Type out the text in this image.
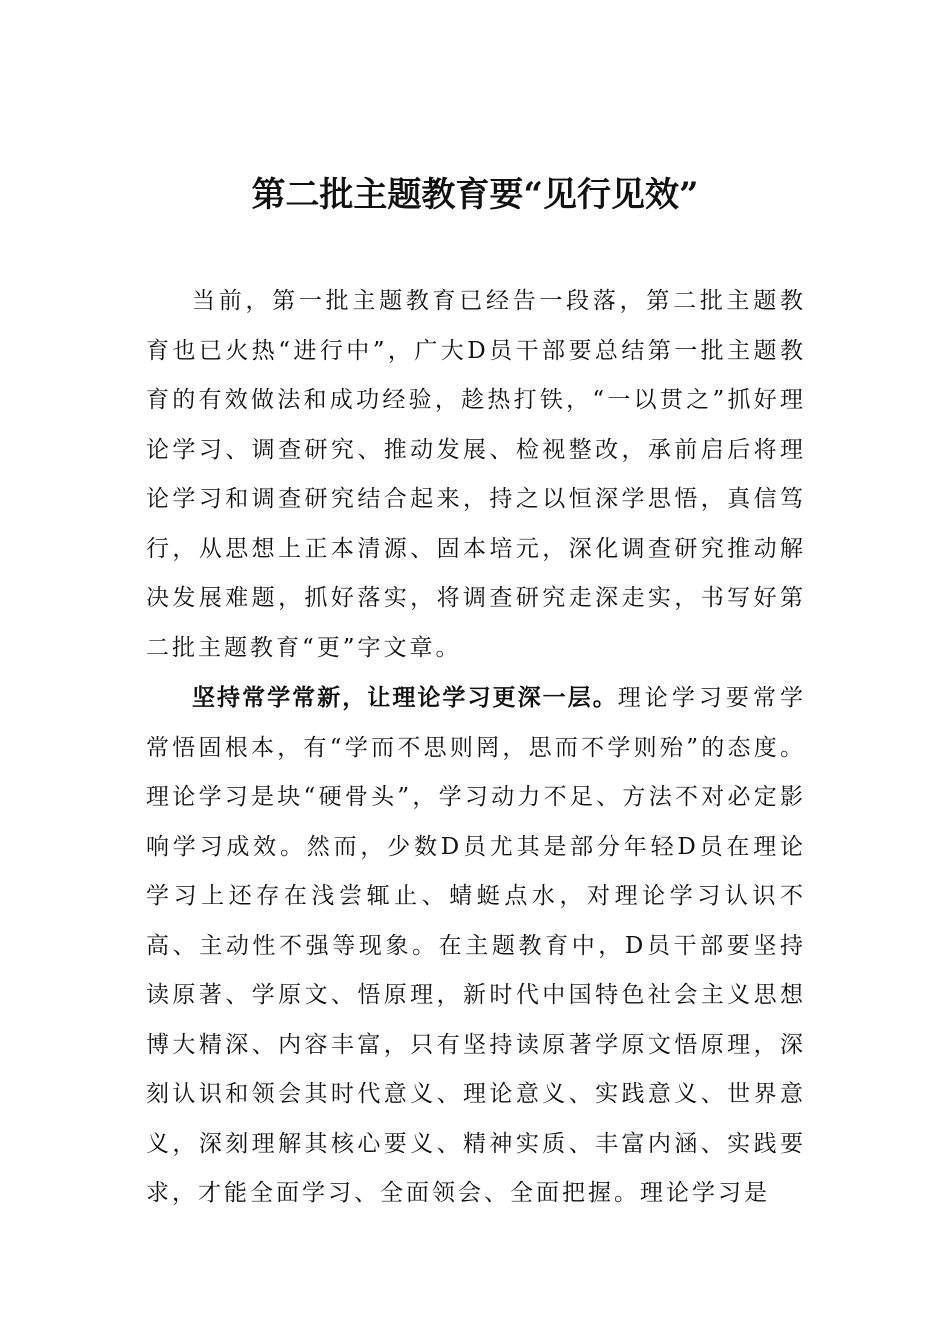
第二批主题教育要“见行见效”

当前，第一批主题教育已经告一段落，第二批主题教育也已火热“进行中”，广大D员干部要总结第一批主题教育的有效做法和成功经验，趁热打铁，“一以贯之”抓好理论学习、调查研究、推动发展、检视整改，承前启后将理论学习和调查研究结合起来，持之以恒深学思悟，真信笃行，从思想上正本清源、固本培元，深化调查研究推动解决发展难题，抓好落实，将调查研究走深走实，书写好第二批主题教育“更”字文章。

坚持常学常新，让理论学习更深一层。理论学习要常学常悟固根本，有“学而不思则罔，思而不学则殆”的态度。理论学习是块“硬骨头”，学习动力不足、方法不对必定影响学习成效。然而，少数D员尤其是部分年轻D员在理论学习上还存在浅尝辄止、蜻蜓点水，对理论学习认识不高、主动性不强等现象。在主题教育中，D员干部要坚持读原著、学原文、悟原理，新时代中国特色社会主义思想博大精深、内容丰富，只有坚持读原著学原文悟原理，深刻认识和领会其时代意义、理论意义、实践意义、世界意义，深刻理解其核心要义、精神实质、丰富内涵、实践要求，才能全面学习、全面领会、全面把握。理论学习是
